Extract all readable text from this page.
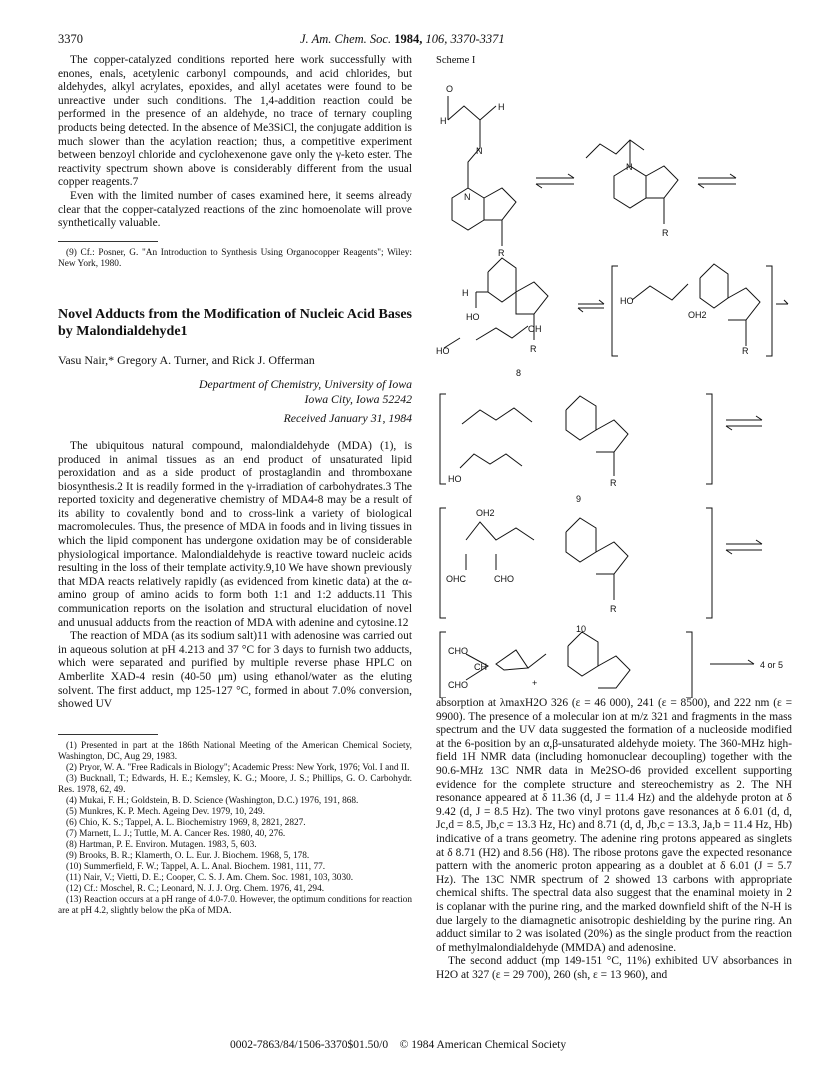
3370	J. Am. Chem. Soc. 1984, 106, 3370-3371

The copper-catalyzed conditions reported here work successfully with enones, enals, acetylenic carbonyl compounds, and acid chlorides, but aldehydes, alkyl acrylates, epoxides, and allyl acetates were found to be unreactive under such conditions. The 1,4-addition reaction could be performed in the presence of an aldehyde, no trace of ternary coupling products being detected. In the absence of Me3SiCl, the conjugate addition is much slower than the acylation reaction; thus, a competitive experiment between benzoyl chloride and cyclohexenone gave only the γ-keto ester. The reactivity spectrum shown above is considerably different from the usual copper reagents.7

Even with the limited number of cases examined here, it seems already clear that the copper-catalyzed reactions of the zinc homoenolate will prove synthetically valuable.

(9) Cf.: Posner, G. "An Introduction to Synthesis Using Organocopper Reagents"; Wiley: New York, 1980.

Novel Adducts from the Modification of Nucleic Acid Bases by Malondialdehyde1
Vasu Nair,* Gregory A. Turner, and Rick J. Offerman
Department of Chemistry, University of Iowa
Iowa City, Iowa 52242
Received January 31, 1984

The ubiquitous natural compound, malondialdehyde (MDA) (1), is produced in animal tissues as an end product of unsaturated lipid peroxidation and as a side product of prostaglandin and thromboxane biosynthesis.2 It is readily formed in the γ-irradiation of carbohydrates.3 The reported toxicity and degenerative chemistry of MDA4-8 may be a result of its ability to covalently bond and to cross-link a variety of biological macromolecules. Thus, the presence of MDA in foods and in living tissues in which the lipid component has undergone oxidation may be of considerable physiological importance. Malondialdehyde is reactive toward nucleic acids resulting in the loss of their template activity.9,10 We have shown previously that MDA reacts relatively rapidly (as evidenced from kinetic data) at the α-amino group of amino acids to form both 1:1 and 1:2 adducts.11 This communication reports on the isolation and structural elucidation of novel and unusual adducts from the reaction of MDA with adenine and cytosine.12

The reaction of MDA (as its sodium salt)11 with adenosine was carried out in aqueous solution at pH 4.213 and 37 °C for 3 days to furnish two adducts, which were separated and purified by multiple reverse phase HPLC on Amberlite XAD-4 resin (40-50 μm) using ethanol/water as the eluting solvent. The first adduct, mp 125-127 °C, formed in about 7.0% conversion, showed UV

(1) Presented in part at the 186th National Meeting of the American Chemical Society, Washington, DC, Aug 29, 1983.

(2) Pryor, W. A. "Free Radicals in Biology"; Academic Press: New York, 1976; Vol. I and II.

(3) Bucknall, T.; Edwards, H. E.; Kemsley, K. G.; Moore, J. S.; Phillips, G. O. Carbohydr. Res. 1978, 62, 49.

(4) Mukai, F. H.; Goldstein, B. D. Science (Washington, D.C.) 1976, 191, 868.

(5) Munkres, K. P. Mech. Ageing Dev. 1979, 10, 249.

(6) Chio, K. S.; Tappel, A. L. Biochemistry 1969, 8, 2821, 2827.

(7) Marnett, L. J.; Tuttle, M. A. Cancer Res. 1980, 40, 276.

(8) Hartman, P. E. Environ. Mutagen. 1983, 5, 603.

(9) Brooks, B. R.; Klamerth, O. L. Eur. J. Biochem. 1968, 5, 178.

(10) Summerfield, F. W.; Tappel, A. L. Anal. Biochem. 1981, 111, 77.

(11) Nair, V.; Vietti, D. E.; Cooper, C. S. J. Am. Chem. Soc. 1981, 103, 3030.

(12) Cf.: Moschel, R. C.; Leonard, N. J. J. Org. Chem. 1976, 41, 294.

(13) Reaction occurs at a pH range of 4.0-7.0. However, the optimum conditions for reaction are at pH 4.2, slightly below the pKa of MDA.

Scheme I
O
H
H
N
N
R
N
R
H
HO
R
HO
OH
8
HO
OH2
R
HO	R
9
OH2
OHC	CHO
R
10
CHO
CH
CHO	+
4 or 5

absorption at λmaxH2O 326 (ε = 46 000), 241 (ε = 8500), and 222 nm (ε = 9900). The presence of a molecular ion at m/z 321 and fragments in the mass spectrum and the UV data suggested the formation of a nucleoside modified at the 6-position by an α,β-unsaturated aldehyde moiety. The 360-MHz high-field 1H NMR data (including homonuclear decoupling) together with the 90.6-MHz 13C NMR data in Me2SO-d6 provided excellent supporting evidence for the complete structure and stereochemistry as 2. The NH resonance appeared at δ 11.36 (d, J = 11.4 Hz) and the aldehyde proton at δ 9.42 (d, J = 8.5 Hz). The two vinyl protons gave resonances at δ 6.01 (d, d, Jc,d = 8.5, Jb,c = 13.3 Hz, Hc) and 8.71 (d, d, Jb,c = 13.3, Ja,b = 11.4 Hz, Hb) indicative of a trans geometry. The adenine ring protons appeared as singlets at δ 8.71 (H2) and 8.56 (H8). The ribose protons gave the expected resonance pattern with the anomeric proton appearing as a doublet at δ 6.01 (J = 5.7 Hz). The 13C NMR spectrum of 2 showed 13 carbons with appropriate chemical shifts. The spectral data also suggest that the enaminal moiety in 2 is coplanar with the purine ring, and the marked downfield shift of the N-H is due largely to the diamagnetic anisotropic deshielding by the purine ring. An adduct similar to 2 was isolated (20%) as the single product from the reaction of methylmalondialdehyde (MMDA) and adenosine.

The second adduct (mp 149-151 °C, 11%) exhibited UV absorbances in H2O at 327 (ε = 29 700), 260 (sh, ε = 13 960), and

0002-7863/84/1506-3370$01.50/0 © 1984 American Chemical Society
